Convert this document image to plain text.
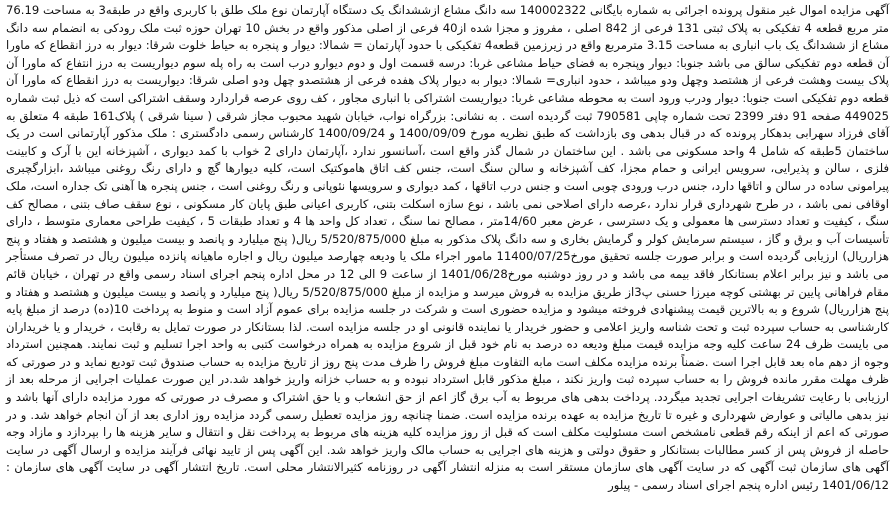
آگهی مزایده اموال غیر منقول پرونده اجرائی به شماره بایگانی 140002322 سه دانگ مشاع ازششدانگ یک دستگاه آپارتمان نوع ملک طلق با کاربری واقع در طبقه3 به مساحت 76.19 متر مربع قطعه 4 تفکیکی به پلاک ثبتی 131 فرعی از 842 اصلی ، مفروز و مجزا شده از40 فرعی از اصلی مذکور واقع در بخش 10 تهران حوزه ثبت ملک رودکی به انضمام سه دانگ مشاع از ششدانگ یک باب انباری به مساحت 3.15 مترمربع واقع در زیرزمین قطعه4 تفکیکی با حدود آپارتمان = شمالا: دیوار و پنجره به حیاط خلوت شرقا: دیوار به درز انقطاع که ماورا آن قطعه دوم تفکیکی سالق می باشد جنوبا: دیوار وپنجره به فضای حیاط مشاعی غربا: درسه قسمت اول و دوم دیوارو درب است به راه پله سوم دیواریست به درز انتفاع که ماورا آن پلاک بیست وهشت فرعی از هشتصد وچهل ودو میباشد ، حدود انباری= شمالا: دیوار به دیوار پلاک هفده فرعی از هشتصدو چهل ودو اصلی شرقا: دیواریست به درز انقطاع که ماورا آن قطعه دوم تفکیکی است جنوبا: دیوار ودرب ورود است به محوطه مشاعی غربا: دیواریست اشتراکی با انباری مجاور ، کف روی عرصه قراردارد وسقف اشتراکی است که ذیل ثبت شماره 449025 صفحه 91 دفتر 2399 تحت شماره چاپی 790581 ثبت گردیده است . به نشانی: بزرگراه نواب، خیابان شهید محبوب مجاز شرقی ( سینا شرقی ) پلاک161 طبقه 4 متعلق به آقای فرزاد سهرابی بدهکار پرونده که در قبال بدهی وی بازداشت که طبق نظریه مورخ 1400/09/09 و 1400/09/24 کارشناس رسمی دادگستری : ملک مذکور آپارتمانی است در یک ساختمان 5طبقه که شامل 4 واحد مسکونی می باشد . این ساختمان در شمال گذر واقع است ،آسانسور ندارد ،آپارتمان دارای 2 خواب با کمد دیواری ، آشپزخانه این با آرک و کابینت فلزی ، سالن و پذیرایی، سرویس ایرانی و حمام مجزا، کف آشپزخانه و سالن سنگ است، جنس کف اتاق هاموکتیک است، کلیه دیوارها گچ و دارای رنگ روغنی میباشد ،ابزارگچبری پیرامونی ساده در سالن و اتاقها دارد، جنس درب ورودی چوبی است و جنس درب اتاقها ، کمد دیواری و سرویسها نئوپانی و رنگ روغنی است ، جنس پنجره ها آهنی تک جداره است، ملک اوقافی نمی باشد ، در طرح شهرداری قرار ندارد ،عرصه دارای اصلاحی نمی باشد ، نوع سازه اسکلت بتنی، کاربری اعیانی طبق پایان کار مسکونی ، نوع سقف صاف بتنی ، مصالح کف سنگ ، کیفیت و تعداد دسترسی ها معمولی و یک دسترسی ، عرض معبر 14/60متر ، مصالح نما سنگ ، تعداد کل واحد ها 4 و تعداد طبقات 5 ، کیفیت طراحی معماری متوسط ، دارای تأسیسات آب و برق و گاز ، سیستم سرمایش کولر و گرمایش بخاری و سه دانگ پلاک مذکور به مبلغ 5/520/875/000 ریال( پنج میلیارد و پانصد و بیست میلیون و هشتصد و هفتاد و پنج هزارریال) ارزیابی گردیده است و برابر صورت جلسه تحقیق مورخ11400/07/25 مامور اجراء ملک یا ودیعه چهارصد میلیون ریال و اجاره ماهیانه پانزده میلیون ریال در تصرف مستأجر می باشد و نیز برابر اعلام بستانکار فاقد بیمه می باشد و در روز دوشنبه مورخ1401/06/28 از ساعت 9 الی 12 در محل اداره پنجم اجرای اسناد رسمی واقع در تهران ، خیابان قائم مقام فراهانی پایین تر بهشتی کوچه میرزا حسنی پ3از طریق مزایده به فروش میرسد و مزایده از مبلغ 5/520/875/000 ریال( پنج میلیارد و پانصد و بیست میلیون و هشتصد و هفتاد و پنج هزارریال) شروع و به بالاترین قیمت پیشنهادی فروخته میشود و مزایده حضوری است و شرکت در جلسه مزایده برای عموم آزاد است و منوط به پرداخت 10(ده) درصد از مبلغ پایه کارشناسی به حساب سپرده ثبت و تحت شناسه واریز اعلامی و حضور خریدار یا نماینده قانونی او در جلسه مزایده است. لذا بستانکار در صورت تمایل به رقابت ، خریدار و یا خریداران می بایست ظرف 24 ساعت کلیه وجه مزایده قیمت مبلغ ودیعه ده درصد به نام خود قبل از شروع مزایده به همراه درخواست کتبی به واحد اجرا تسلیم و ثبت نمایند. همچنین استرداد وجوه از دهم ماه بعد قابل اجرا است .ضمناً برنده مزایده مکلف است مابه التفاوت مبلغ فروش را ظرف مدت پنج روز از تاریخ مزایده به حساب صندوق ثبت تودیع نماید و در صورتی که ظرف مهلت مقرر مانده فروش را به حساب سپرده ثبت واریز نکند ، مبلغ مذکور قابل استرداد نبوده و به حساب خزانه واریز خواهد شد.در این صورت عملیات اجرایی از مرحله بعد از ارزیابی با رعایت تشریفات اجرایی تجدید میگردد. پرداخت بدهی های مربوط به آب برق گاز اعم از حق انشعاب و یا حق اشتراک و مصرف در صورتی که مورد مزایده دارای آنها باشد و نیز بدهی مالیاتی و عوارض شهرداری و غیره تا تاریخ مزایده به عهده برنده مزایده است. ضمنا چنانچه روز مزایده تعطیل رسمی گردد مزایده روز اداری بعد از آن انجام خواهد شد. و در صورتی که اعم از اینکه رقم قطعی نامشخص است مسئولیت مکلف است که قبل از روز مزایده کلیه هزینه های مربوط به پرداخت نقل و انتقال و سایر هزینه ها را بپردازد و مازاد وجه حاصله از فروش پس از کسر مطالبات بستانکار و حقوق دولتی و هزینه های اجرایی به حساب مالک واریز خواهد شد. این آگهی پس از تایید نهائی فرآیند مزایده و ارسال آگهی در سایت آگهی های سازمان ثبت آگهی که در سایت آگهی های سازمان مستقر است به منزله انتشار آگهی در روزنامه کثیرالانتشار محلی است. تاریخ انتشار آگهی در سایت آگهی های سازمان : 1401/06/12 رئیس اداره پنجم اجرای اسناد رسمی - پیلور
